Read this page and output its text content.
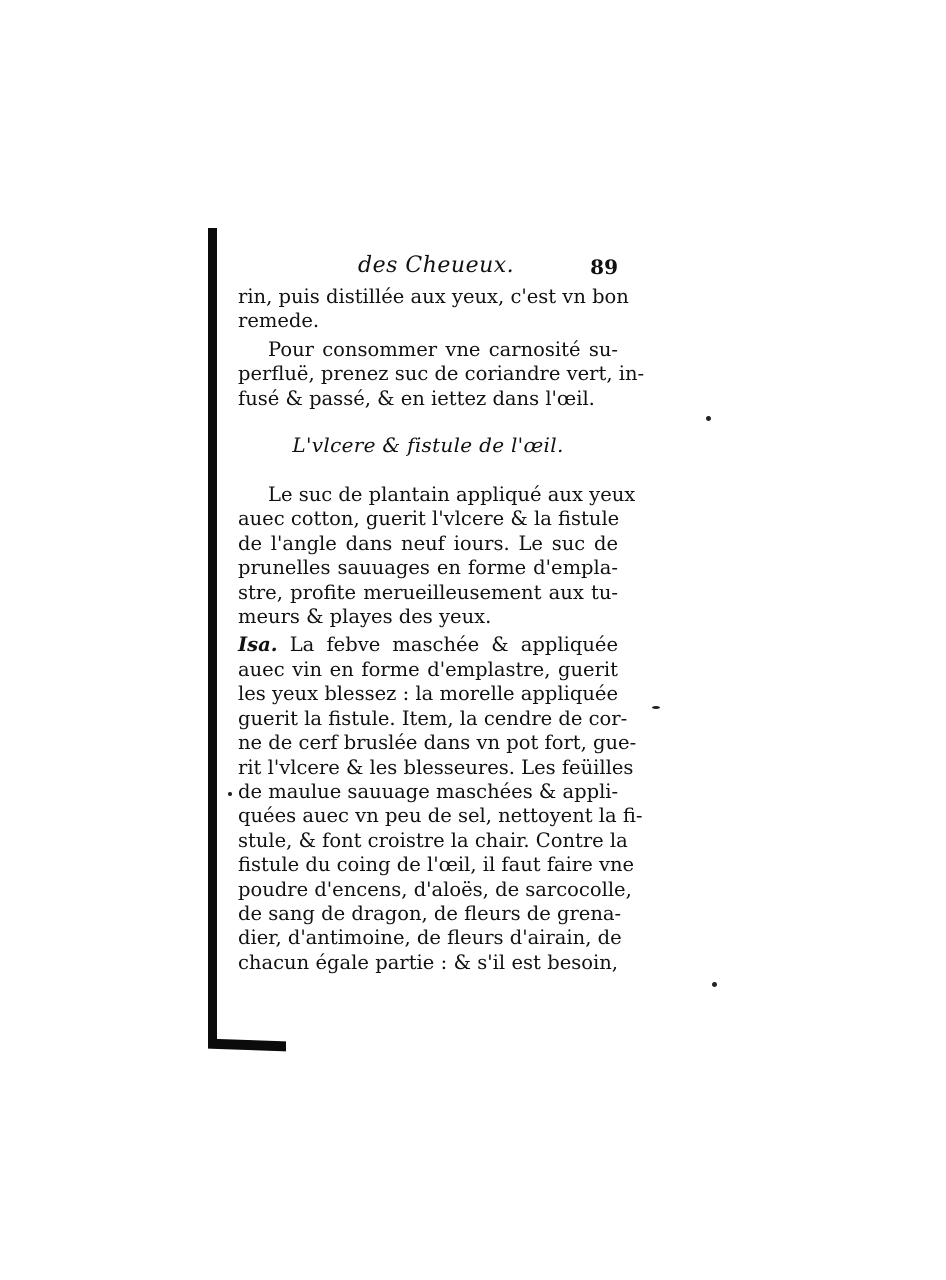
des Cheueux.	89
rin, puis distillée aux yeux, c'est vn bon
remede.
Pour consommer vne carnosité su-
perfluë, prenez suc de coriandre vert, in-
fusé & passé, & en iettez dans l'œil.
L'vlcere & fistule de l'œil.
Le suc de plantain appliqué aux yeux
auec cotton, guerit l'vlcere & la fistule
de l'angle dans neuf iours. Le suc de
prunelles sauuages en forme d'empla-
stre, profite merueilleusement aux tu-
meurs & playes des yeux.
Isa. La febve maschée & appliquée
auec vin en forme d'emplastre, guerit
les yeux blessez : la morelle appliquée
guerit la fistule. Item, la cendre de cor-
ne de cerf bruslée dans vn pot fort, gue-
rit l'vlcere & les blesseures. Les feüilles
de maulue sauuage maschées & appli-
quées auec vn peu de sel, nettoyent la fi-
stule, & font croistre la chair. Contre la
fistule du coing de l'œil, il faut faire vne
poudre d'encens, d'aloës, de sarcocolle,
de sang de dragon, de fleurs de grena-
dier, d'antimoine, de fleurs d'airain, de
chacun égale partie : & s'il est besoin,
